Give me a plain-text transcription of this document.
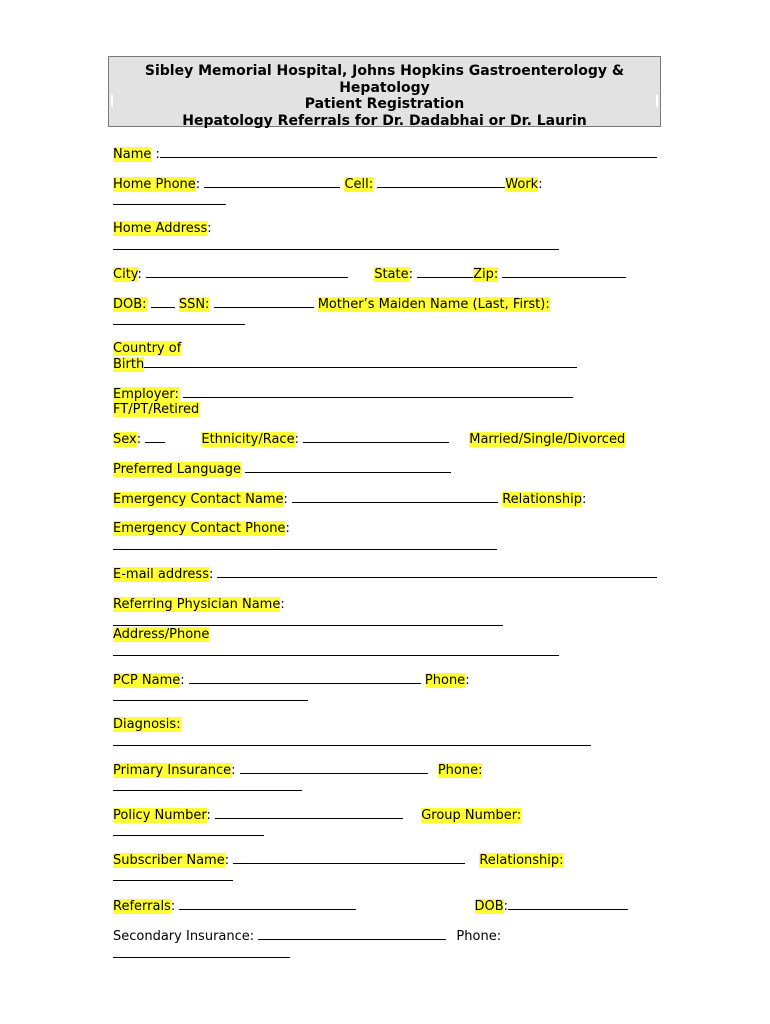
Sibley Memorial Hospital, Johns Hopkins Gastroenterology &
Hepatology
Patient Registration
Hepatology Referrals for Dr. Dadabhai or Dr. Laurin
Name :
Home Phone:	Cell:	Work:
Home Address:
City:	State:	Zip:
DOB: SSN:	Mother’s Maiden Name (Last, First):
Country of
Birth
Employer:
FT/PT/Retired
Sex:	Ethnicity/Race:	Married/Single/Divorced
Preferred Language
Emergency Contact Name:	Relationship:
Emergency Contact Phone:
E-mail address:
Referring Physician Name:
Address/Phone
PCP Name:	Phone:
Diagnosis:
Primary Insurance:	Phone:
Policy Number:	Group Number:
Subscriber Name:	Relationship:
Referrals:	DOB:
Secondary Insurance:	Phone:
